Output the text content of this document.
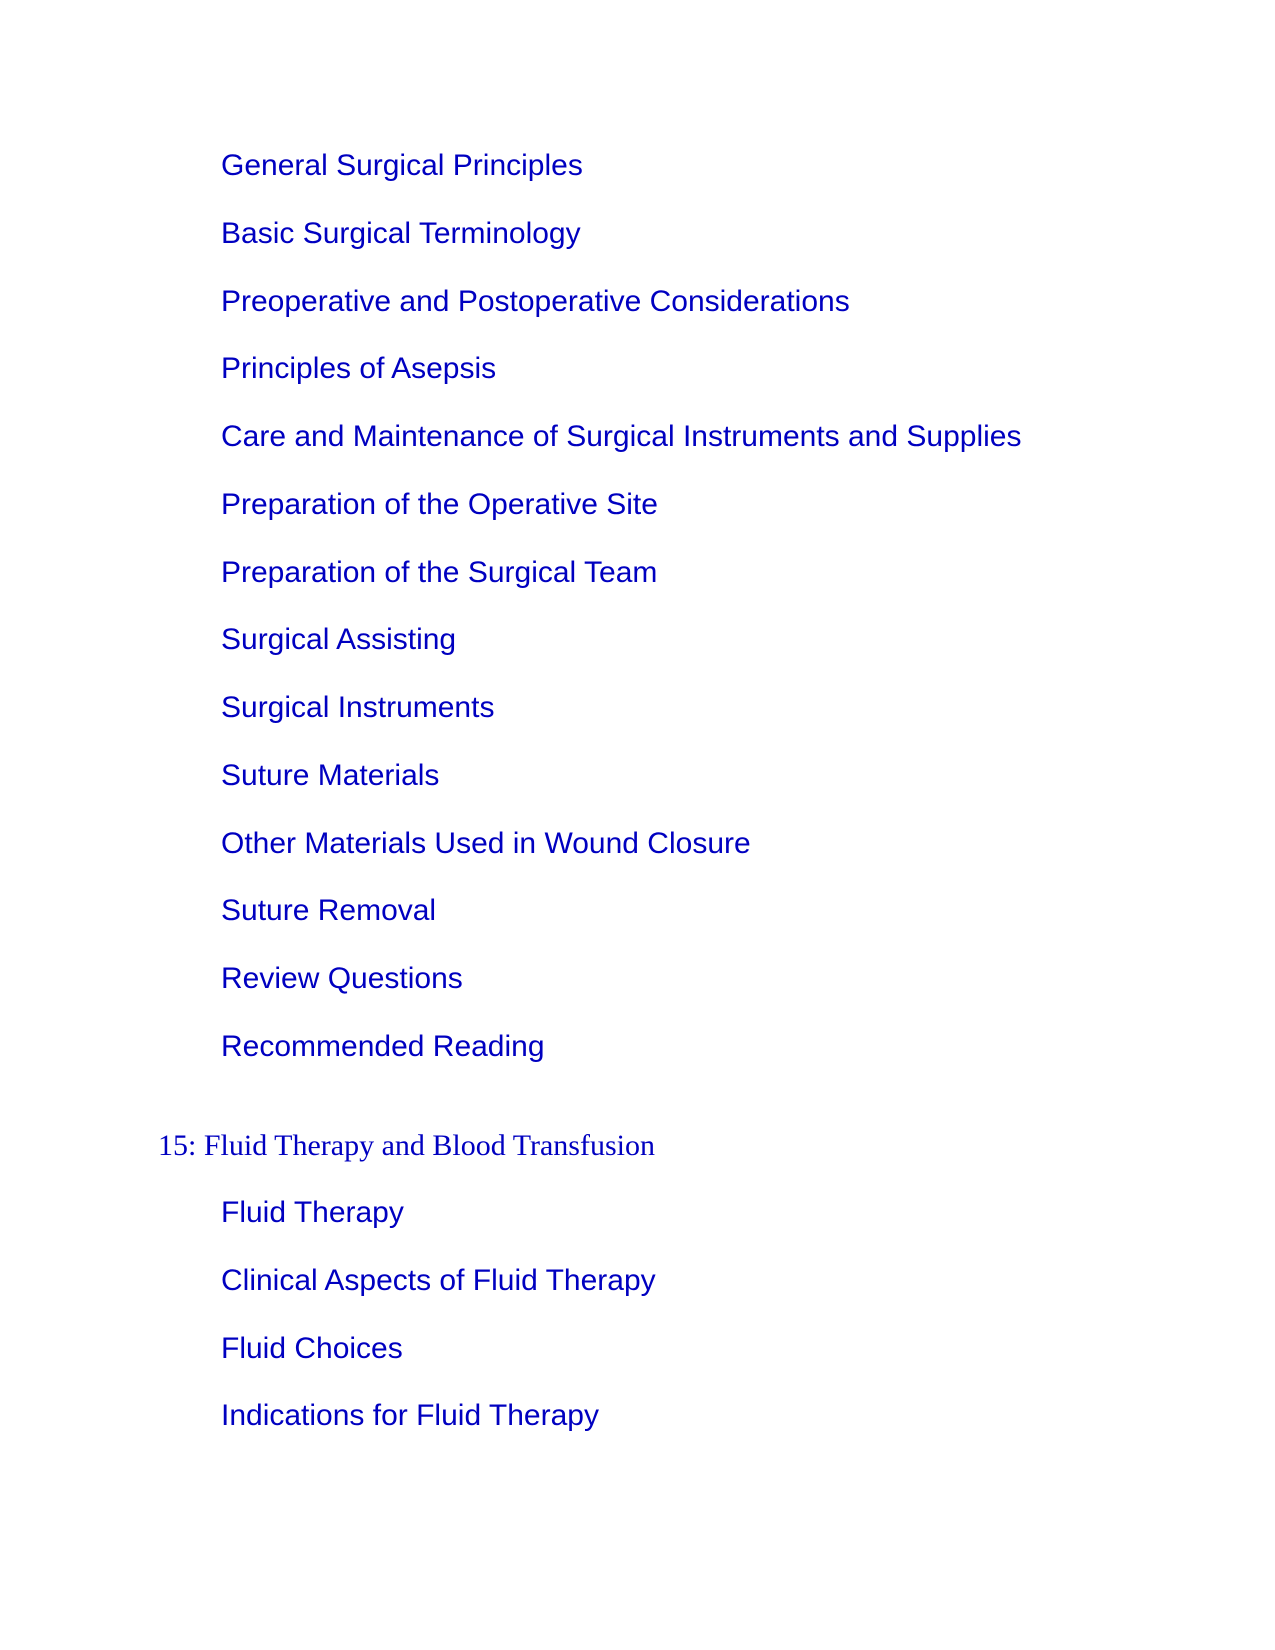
General Surgical Principles
Basic Surgical Terminology
Preoperative and Postoperative Considerations
Principles of Asepsis
Care and Maintenance of Surgical Instruments and Supplies
Preparation of the Operative Site
Preparation of the Surgical Team
Surgical Assisting
Surgical Instruments
Suture Materials
Other Materials Used in Wound Closure
Suture Removal
Review Questions
Recommended Reading
15: Fluid Therapy and Blood Transfusion
Fluid Therapy
Clinical Aspects of Fluid Therapy
Fluid Choices
Indications for Fluid Therapy
